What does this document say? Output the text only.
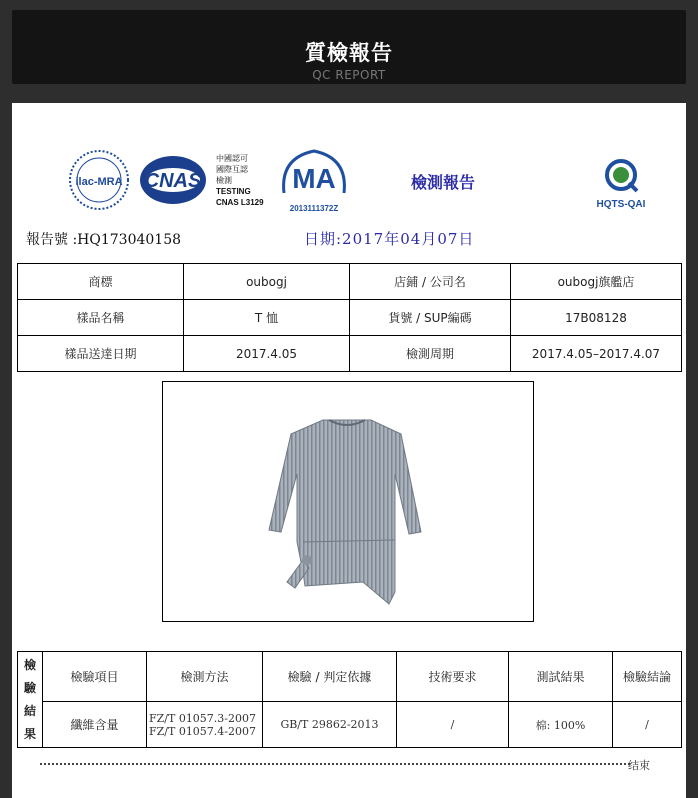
質檢報告
QC REPORT
ilac-MRA CNAS
中國認可
國際互認
檢測
TESTING
CNAS L3129
MA
2013111372Z
檢測報告
HQTS-QAI
報告號 :HQ173040158	日期:2017年04月07日
商標	oubogj	店鋪 / 公司名	oubogj旗艦店
樣品名稱	T 恤	貨號 / SUP編碼	17B08128
樣品送達日期	2017.4.05	檢測周期	2017.4.05–2017.4.07
檢
驗
結
果	檢驗項目	檢測方法	檢驗 / 判定依據	技術要求	測試結果	檢驗結論
	纖維含量	FZ/T 01057.3-2007
FZ/T 01057.4-2007	GB/T 29862-2013	/	棉: 100%	/
结束
